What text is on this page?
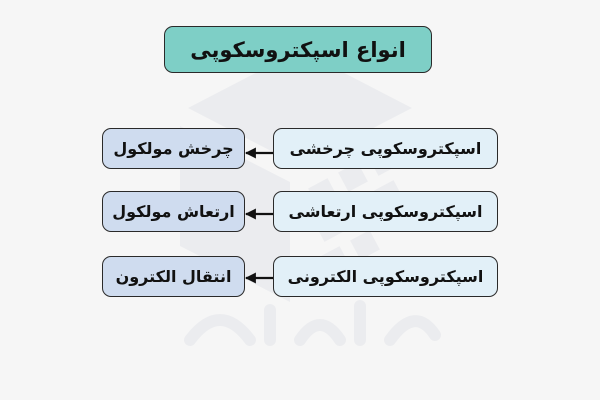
انواع اسپکتروسکوپی
اسپکتروسکوپی چرخشی
اسپکتروسکوپی ارتعاشی
اسپکتروسکوپی الکترونی
چرخش مولکول
ارتعاش مولکول
انتقال الکترون
